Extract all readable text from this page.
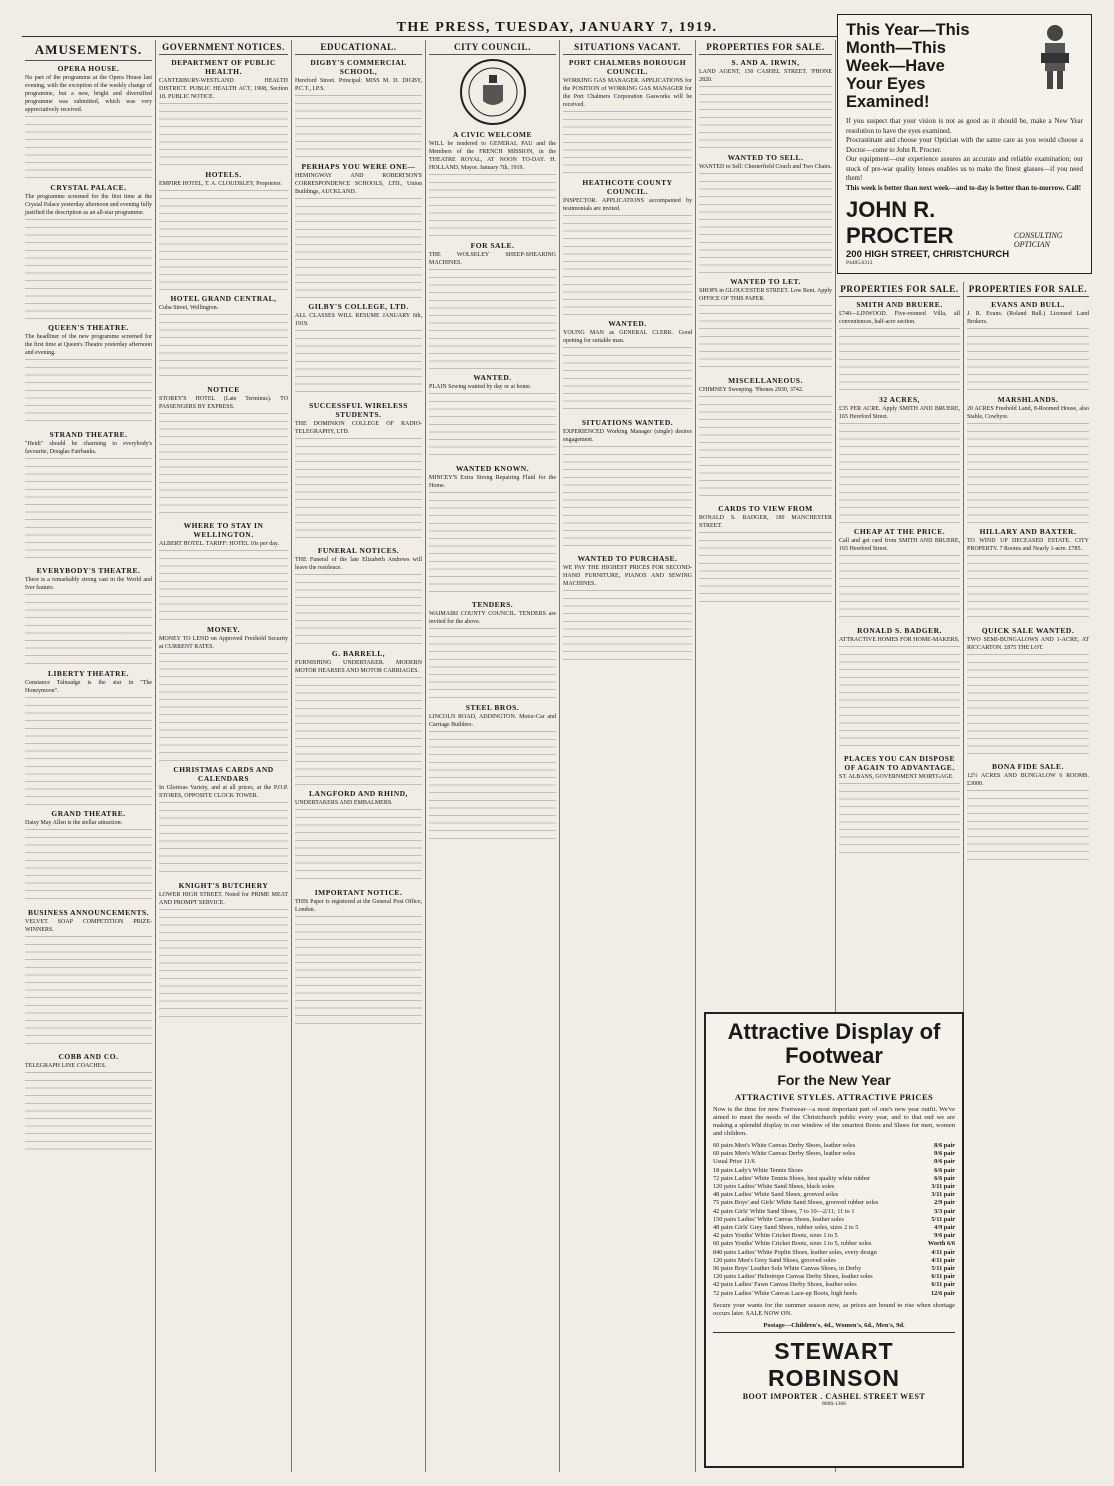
THE PRESS, TUESDAY, JANUARY 7, 1919.
AMUSEMENTS.
OPERA HOUSE.
No part of the programme at the Opera House last evening, with the exception of the weekly change of programme, but a new, bright and diversified programme was submitted, which was very appreciatively received.
CRYSTAL PALACE.
The programme screened for the first time at the Crystal Palace yesterday afternoon and evening fully justified the description as an all-star programme.
QUEEN'S THEATRE.
The headliner of the new programme screened for the first time at Queen's Theatre yesterday afternoon and evening.
STRAND THEATRE.
"Heidi" should be charming to everybody's favourite, Douglas Fairbanks.
EVERYBODY'S THEATRE.
There is a remarkably strong cast in the World and Iver feature.
LIBERTY THEATRE.
Constance Talmadge is the star in "The Honeymoon".
GRAND THEATRE.
Daisy May Allen is the stellar attraction.
BUSINESS ANNOUNCEMENTS.
VELVET SOAP COMPETITION PRIZE-WINNERS.
COBB AND CO.
TELEGRAPH LINE COACHES.
GOVERNMENT NOTICES.
DEPARTMENT OF PUBLIC HEALTH.
CANTERBURY-WESTLAND HEALTH DISTRICT. PUBLIC HEALTH ACT, 1908, Section 18. PUBLIC NOTICE.
HOTELS.
EMPIRE HOTEL, T. A. CLOUDSLEY, Proprietor.
HOTEL GRAND CENTRAL,
Cuba Street, Wellington.
NOTICE
STOREY'S HOTEL (Late Terminus). TO PASSENGERS BY EXPRESS.
WHERE TO STAY IN WELLINGTON.
ALBERT HOTEL. TARIFF: HOTEL 10s per day.
MONEY.
MONEY TO LEND on Approved Freehold Security at CURRENT RATES.
CHRISTMAS CARDS AND CALENDARS
In Glorious Variety, and at all prices, at the P.O.P. STORES, OPPOSITE CLOCK TOWER.
KNIGHT'S BUTCHERY
LOWER HIGH STREET. Noted for PRIME MEAT AND PROMPT SERVICE.
EDUCATIONAL.
DIGBY'S COMMERCIAL SCHOOL,
Hereford Street. Principal: MISS M. D. DIGBY, P.C.T., I.P.S.
PERHAPS YOU WERE ONE—
HEMINGWAY AND ROBERTSON'S CORRESPONDENCE SCHOOLS, LTD., Union Buildings, AUCKLAND.
GILBY'S COLLEGE, LTD.
ALL CLASSES WILL RESUME JANUARY 6th, 1919.
SUCCESSFUL WIRELESS STUDENTS.
THE DOMINION COLLEGE OF RADIO-TELEGRAPHY, LTD.
FUNERAL NOTICES.
THE Funeral of the late Elizabeth Andrews will leave the residence.
G. BARRELL,
FURNISHING UNDERTAKER. MODERN MOTOR HEARSES AND MOTOR CARRIAGES.
LANGFORD AND RHIND,
UNDERTAKERS AND EMBALMERS.
IMPORTANT NOTICE.
THIS Paper is registered at the General Post Office, London.
CITY COUNCIL.
A CIVIC WELCOME
WILL be tendered to GENERAL PAU and the Members of the FRENCH MISSION, in the THEATRE ROYAL, AT NOON TO-DAY. H. HOLLAND, Mayor. January 7th, 1919.
FOR SALE.
THE WOLSELEY SHEEP-SHEARING MACHINES.
WANTED.
PLAIN Sewing wanted by day or at home.
WANTED KNOWN.
MINCEY'S Extra Strong Repairing Fluid for the Home.
TENDERS.
WAIMAIRI COUNTY COUNCIL. TENDERS are invited for the above.
STEEL BROS.
LINCOLN ROAD, ADDINGTON. Motor-Car and Carriage Builders.
SITUATIONS VACANT.
PORT CHALMERS BOROUGH COUNCIL.
WORKING GAS MANAGER. APPLICATIONS for the POSITION of WORKING GAS MANAGER for the Port Chalmers Corporation Gasworks will be received.
HEATHCOTE COUNTY COUNCIL.
INSPECTOR. APPLICATIONS accompanied by testimonials are invited.
WANTED.
YOUNG MAN as GENERAL CLERK. Good opening for suitable man.
SITUATIONS WANTED.
EXPERIENCED Working Manager (single) desires engagement.
WANTED TO PURCHASE.
WE PAY THE HIGHEST PRICES FOR SECOND-HAND FURNITURE, PIANOS AND SEWING MACHINES.
PROPERTIES FOR SALE.
S. AND A. IRWIN,
LAND AGENT, 150 CASHEL STREET. 'PHONE 2820.
WANTED TO SELL.
WANTED to Sell: Chesterfield Couch and Two Chairs.
WANTED TO LET.
SHOPS in GLOUCESTER STREET. Low Rent. Apply OFFICE OF THIS PAPER.
MISCELLANEOUS.
CHIMNEY Sweeping. 'Phones 2930, 3742.
CARDS TO VIEW FROM
RONALD S. BADGER, 189 MANCHESTER STREET.
PROPERTIES FOR SALE.
SMITH AND BRUERE.
£740—LINWOOD. Five-roomed Villa, all conveniences, half-acre section.
32 ACRES,
£35 PER ACRE. Apply SMITH AND BRUERE, 165 Hereford Street.
CHEAP AT THE PRICE.
Call and get card from SMITH AND BRUERE, 165 Hereford Street.
RONALD S. BADGER.
ATTRACTIVE HOMES FOR HOME-MAKERS.
PLACES YOU CAN DISPOSE OF AGAIN TO ADVANTAGE.
ST. ALBANS, GOVERNMENT MORTGAGE.
PROPERTIES FOR SALE.
EVANS AND BULL.
J. R. Evans. (Roland Bull.) Licensed Land Brokers.
MARSHLANDS.
20 ACRES Freehold Land, 8-Roomed House, also Stable, Cowbyre.
HILLARY AND BAXTER.
TO WIND UP DECEASED ESTATE. CITY PROPERTY. 7 Rooms and Nearly 1-acre. £785.
QUICK SALE WANTED.
TWO SEMI-BUNGALOWS AND 1-ACRE, AT RICCARTON. £875 THE LOT.
BONA FIDE SALE.
12½ ACRES AND BUNGALOW 6 ROOMS. £3000.
This Year—This
Month—This
Week—Have
Your Eyes
Examined!
If you suspect that your vision is not as good as it should be, make a New Year resolution to have the eyes examined.
Procrastinate and choose your Optician with the same care as you would choose a Doctor—come to John R. Procter.
Our equipment—our experience assures an accurate and reliable examination; our stock of pre-war quality lenses enables us to make the finest glasses—if you need them!
This week is better than next week—and to-day is better than to-morrow. Call!
JOHN R. PROCTER	CONSULTING OPTICIAN
200 HIGH STREET, CHRISTCHURCH
P4485.6313
Attractive Display of Footwear
For the New Year
ATTRACTIVE STYLES. ATTRACTIVE PRICES
Now is the time for new Footwear—a most important part of one's new year outfit. We've aimed to meet the needs of the Christchurch public every year, and to that end we are making a splendid display in our window of the smartest Boots and Shoes for men, women and children.
60 pairs Men's White Canvas Derby Shoes, leather soles	8/6 pair
60 pairs Men's White Canvas Derby Shoes, leather soles	9/6 pair
Usual Price 11/6	9/6 pair
18 pairs Lady's White Tennis Shoes	6/6 pair
72 pairs Ladies' White Tennis Shoes, best quality white rubber	6/6 pair
120 pairs Ladies' White Sand Shoes, black soles	3/11 pair
48 pairs Ladies' White Sand Shoes, grooved soles	3/11 pair
75 pairs Boys' and Girls' White Sand Shoes, grooved rubber soles	2/9 pair
42 pairs Girls' White Sand Shoes, 7 to 10—2/11; 11 to 1	3/3 pair
150 pairs Ladies' White Canvas Shoes, leather soles	5/11 pair
48 pairs Girls' Grey Sand Shoes, rubber soles, sizes 2 to 5	4/9 pair
42 pairs Youths' White Cricket Boots, sizes 1 to 5	9/6 pair
60 pairs Youths' White Cricket Boots, sizes 1 to 5, rubber soles	Worth 6/6
840 pairs Ladies' White Poplin Shoes, leather soles, every design	4/11 pair
120 pairs Men's Grey Sand Shoes, grooved soles	4/11 pair
96 pairs Boys' Leather Sole White Canvas Shoes, in Derby	5/11 pair
120 pairs Ladies' Heliotrope Canvas Derby Shoes, leather soles	6/11 pair
42 pairs Ladies' Fawn Canvas Derby Shoes, leather soles	6/11 pair
72 pairs Ladies' White Canvas Lace-up Boots, high heels	12/6 pair
Secure your wants for the summer season now, as prices are bound to rise when shortage occurs later. SALE NOW ON.
Postage—Children's, 4d., Women's, 6d., Men's, 9d.
STEWART ROBINSON
BOOT IMPORTER . CASHEL STREET WEST
8606-1366
